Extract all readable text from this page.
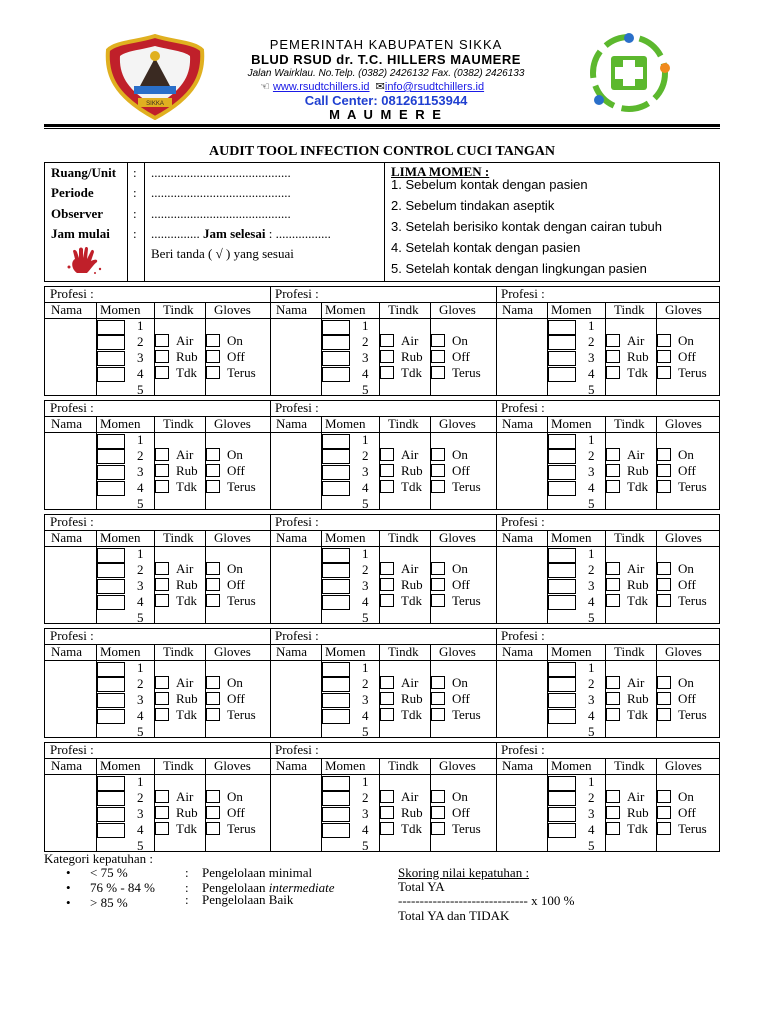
SIKKA
PEMERINTAH KABUPATEN SIKKA
BLUD RSUD dr. T.C. HILLERS MAUMERE
Jalan Wairklau. No.Telp. (0382) 2426132 Fax. (0382) 2426133
☜ www.rsudtchillers.id ✉info@rsudtchillers.id
Call Center: 081261153944
M A U M E R E
AUDIT TOOL INFECTION CONTROL CUCI TANGAN
Ruang/Unit
Periode
Observer
Jam mulai
:
:
:
:
...........................................
...........................................
...........................................
............... Jam selesai : .................
Beri tanda ( √ ) yang sesuai
LIMA MOMEN :
1. Sebelum kontak dengan pasien
2. Sebelum tindakan aseptik
3. Setelah berisiko kontak dengan cairan tubuh
4. Setelah kontak dengan pasien
5. Setelah kontak dengan lingkungan pasien
Profesi :
Nama Momen Tindk Gloves
1
2
3
4
5
Air
Rub
Tdk
On
Off
Terus
Profesi :
Nama Momen Tindk Gloves
1
2
3
4
5
Air
Rub
Tdk
On
Off
Terus
Profesi :
Nama Momen Tindk Gloves
1
2
3
4
5
Air
Rub
Tdk
On
Off
Terus
Profesi :
Nama Momen Tindk Gloves
1
2
3
4
5
Air
Rub
Tdk
On
Off
Terus
Profesi :
Nama Momen Tindk Gloves
1
2
3
4
5
Air
Rub
Tdk
On
Off
Terus
Profesi :
Nama Momen Tindk Gloves
1
2
3
4
5
Air
Rub
Tdk
On
Off
Terus
Profesi :
Nama Momen Tindk Gloves
1
2
3
4
5
Air
Rub
Tdk
On
Off
Terus
Profesi :
Nama Momen Tindk Gloves
1
2
3
4
5
Air
Rub
Tdk
On
Off
Terus
Profesi :
Nama Momen Tindk Gloves
1
2
3
4
5
Air
Rub
Tdk
On
Off
Terus
Profesi :
Nama Momen Tindk Gloves
1
2
3
4
5
Air
Rub
Tdk
On
Off
Terus
Profesi :
Nama Momen Tindk Gloves
1
2
3
4
5
Air
Rub
Tdk
On
Off
Terus
Profesi :
Nama Momen Tindk Gloves
1
2
3
4
5
Air
Rub
Tdk
On
Off
Terus
Profesi :
Nama Momen Tindk Gloves
1
2
3
4
5
Air
Rub
Tdk
On
Off
Terus
Profesi :
Nama Momen Tindk Gloves
1
2
3
4
5
Air
Rub
Tdk
On
Off
Terus
Profesi :
Nama Momen Tindk Gloves
1
2
3
4
5
Air
Rub
Tdk
On
Off
Terus
Kategori kepatuhan :
• < 75 %	: Pengelolaan minimal
• 76 % - 84 % : Pengelolaan intermediate
• > 85 %	: Pengelolaan Baik
Skoring nilai kepatuhan :
Total YA
------------------------------ x 100 %
Total YA dan TIDAK
